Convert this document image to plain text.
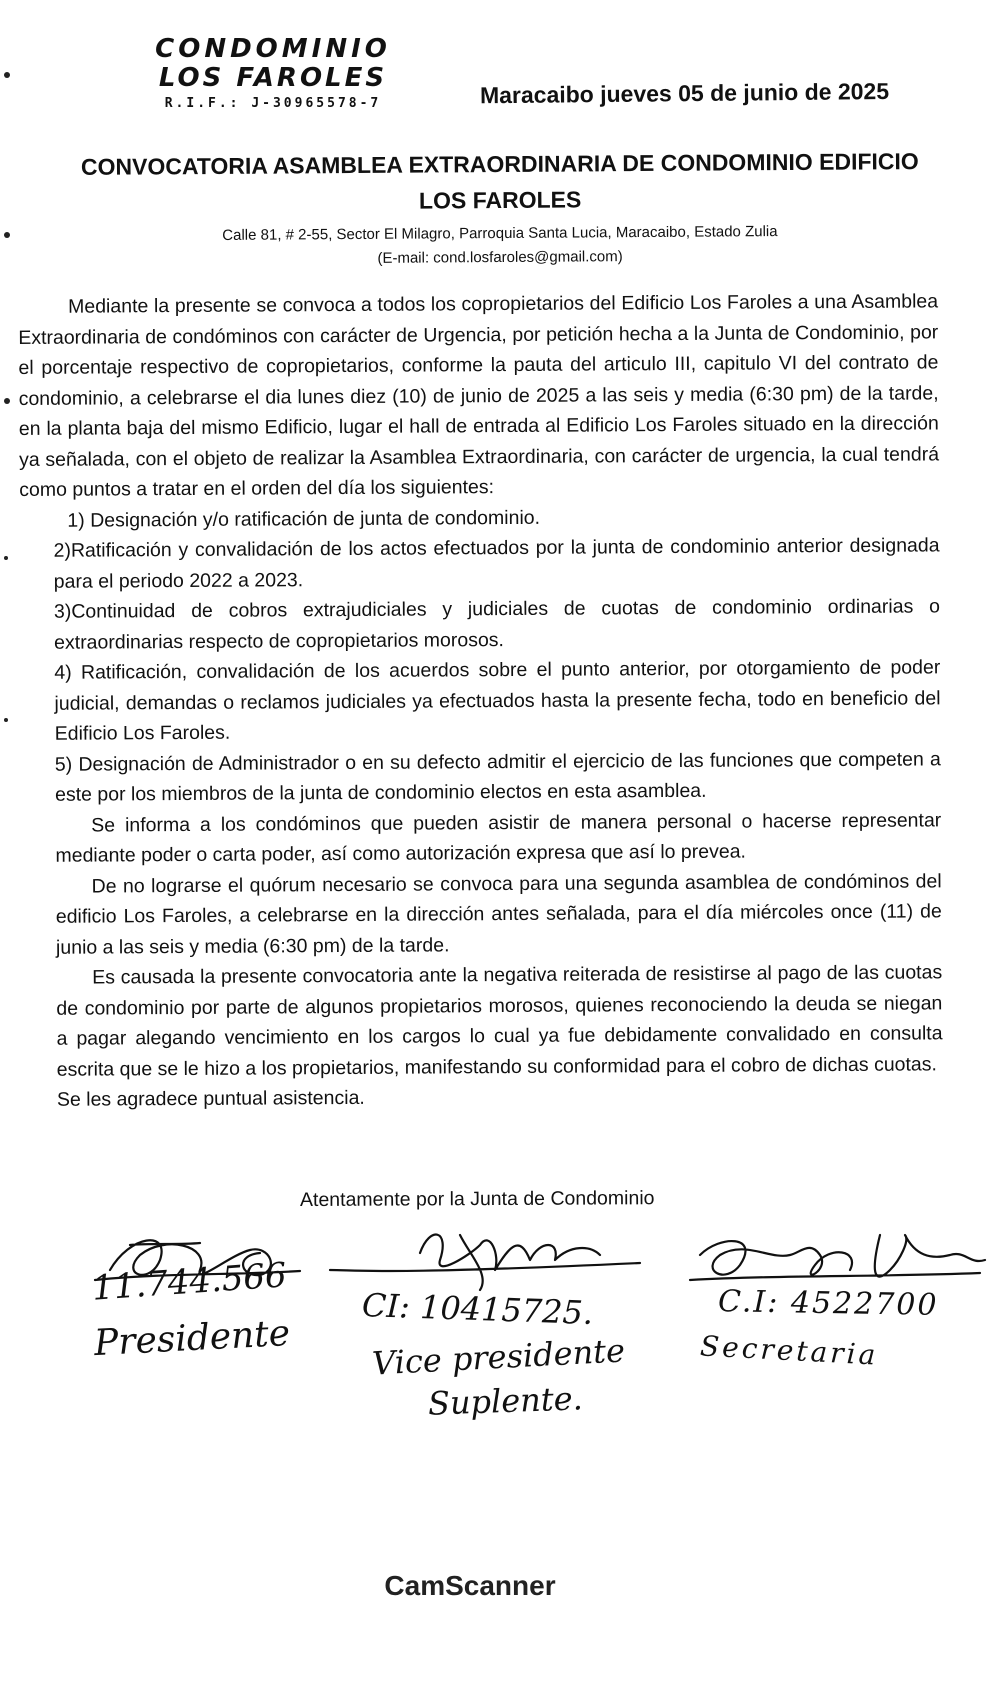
CONDOMINIO
LOS FAROLES
R.I.F.: J-30965578-7	Maracaibo jueves 05 de junio de 2025
CONVOCATORIA ASAMBLEA EXTRAORDINARIA DE CONDOMINIO EDIFICIO
LOS FAROLES
Calle 81, # 2-55, Sector El Milagro, Parroquia Santa Lucia, Maracaibo, Estado Zulia
(E-mail: cond.losfaroles@gmail.com)

Mediante la presente se convoca a todos los copropietarios del Edificio Los Faroles a una Asamblea Extraordinaria de condóminos con carácter de Urgencia, por petición hecha a la Junta de Condominio, por el porcentaje respectivo de copropietarios, conforme la pauta del articulo III, capitulo VI del contrato de condominio, a celebrarse el dia lunes diez (10) de junio de 2025 a las seis y media (6:30 pm) de la tarde, en la planta baja del mismo Edificio, lugar el hall de entrada al Edificio Los Faroles situado en la dirección ya señalada, con el objeto de realizar la Asamblea Extraordinaria, con carácter de urgencia, la cual tendrá como puntos a tratar en el orden del día los siguientes:

1) Designación y/o ratificación de junta de condominio.

2)Ratificación y convalidación de los actos efectuados por la junta de condominio anterior designada para el periodo 2022 a 2023.

3)Continuidad de cobros extrajudiciales y judiciales de cuotas de condominio ordinarias o extraordinarias respecto de copropietarios morosos.

4) Ratificación, convalidación de los acuerdos sobre el punto anterior, por otorgamiento de poder judicial, demandas o reclamos judiciales ya efectuados hasta la presente fecha, todo en beneficio del Edificio Los Faroles.

5) Designación de Administrador o en su defecto admitir el ejercicio de las funciones que competen a este por los miembros de la junta de condominio electos en esta asamblea.

Se informa a los condóminos que pueden asistir de manera personal o hacerse representar mediante poder o carta poder, así como autorización expresa que así lo prevea.

De no lograrse el quórum necesario se convoca para una segunda asamblea de condóminos del edificio Los Faroles, a celebrarse en la dirección antes señalada, para el día miércoles once (11) de junio a las seis y media (6:30 pm) de la tarde.

Es causada la presente convocatoria ante la negativa reiterada de resistirse al pago de las cuotas de condominio por parte de algunos propietarios morosos, quienes reconociendo la deuda se niegan a pagar alegando vencimiento en los cargos lo cual ya fue debidamente convalidado en consulta escrita que se le hizo a los propietarios, manifestando su conformidad para el cobro de dichas cuotas.

Se les agradece puntual asistencia.

Atentamente por la Junta de Condominio
11.744.566
Presidente
CI: 10415725.
Vice presidente
Suplente.
C.I: 4522700
Secretaria
CamScanner
